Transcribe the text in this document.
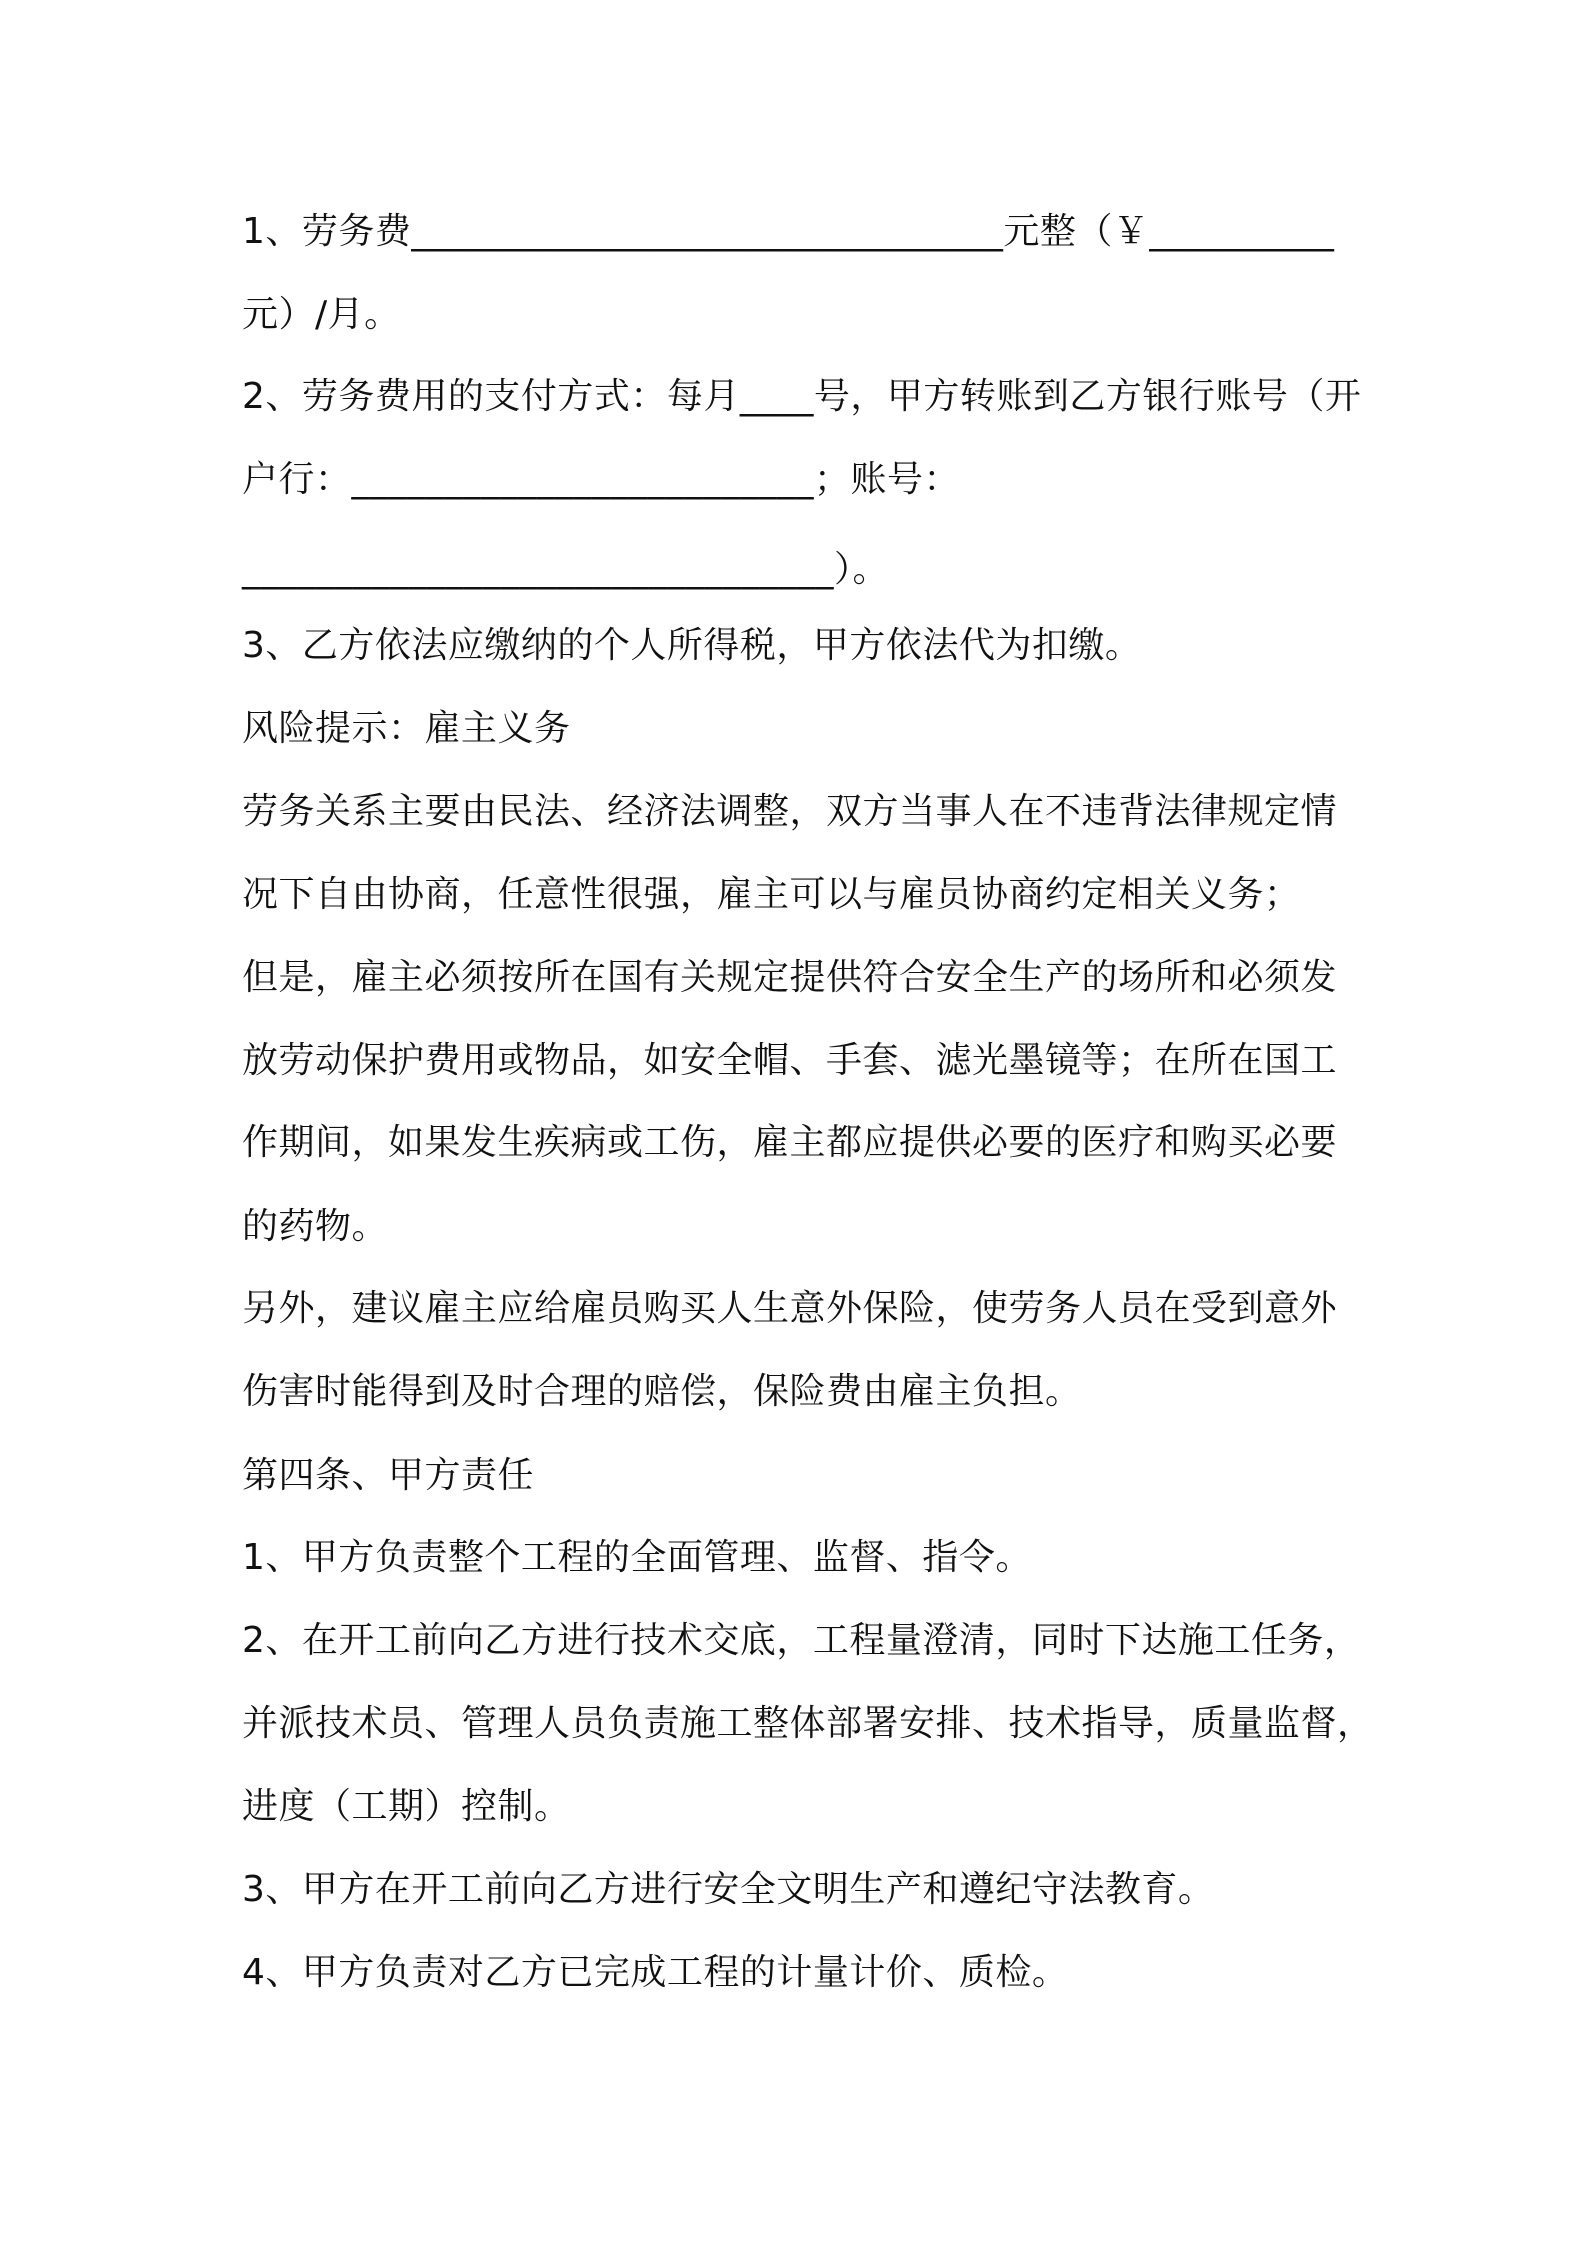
1、劳务费________________________________元整（￥__________

元）/月。

2、劳务费用的支付方式：每月____号，甲方转账到乙方银行账号（开

户行：_________________________；账号：

________________________________）。

3、乙方依法应缴纳的个人所得税，甲方依法代为扣缴。

风险提示：雇主义务

劳务关系主要由民法、经济法调整，双方当事人在不违背法律规定情

况下自由协商，任意性很强，雇主可以与雇员协商约定相关义务；

但是，雇主必须按所在国有关规定提供符合安全生产的场所和必须发

放劳动保护费用或物品，如安全帽、手套、滤光墨镜等；在所在国工

作期间，如果发生疾病或工伤，雇主都应提供必要的医疗和购买必要

的药物。

另外，建议雇主应给雇员购买人生意外保险，使劳务人员在受到意外

伤害时能得到及时合理的赔偿，保险费由雇主负担。

第四条、甲方责任

1、甲方负责整个工程的全面管理、监督、指令。

2、在开工前向乙方进行技术交底，工程量澄清，同时下达施工任务，

并派技术员、管理人员负责施工整体部署安排、技术指导，质量监督，

进度（工期）控制。

3、甲方在开工前向乙方进行安全文明生产和遵纪守法教育。

4、甲方负责对乙方已完成工程的计量计价、质检。
